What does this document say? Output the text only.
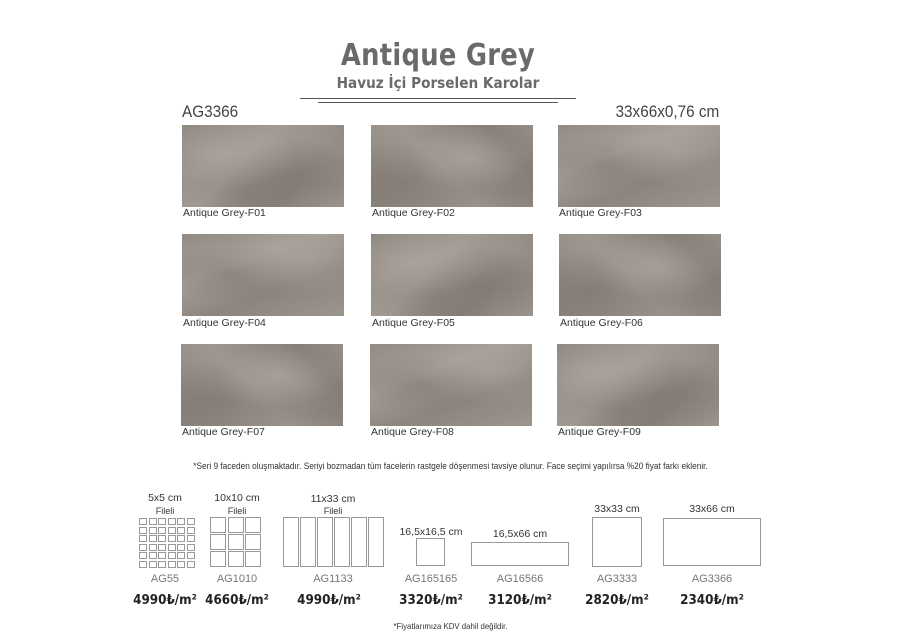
Antique Grey
Havuz İçi Porselen Karolar
AG3366	33x66x0,76 cm
Antique Grey-F01	Antique Grey-F02	Antique Grey-F03
Antique Grey-F04	Antique Grey-F05	Antique Grey-F06
Antique Grey-F07	Antique Grey-F08	Antique Grey-F09
*Seri 9 faceden oluşmaktadır. Seriyi bozmadan tüm facelerin rastgele döşenmesi tavsiye olunur. Face seçimi yapılırsa %20 fiyat farkı eklenir.
5x5 cm
Fileli
AG55
4990₺/m²
10x10 cm
Fileli
AG1010
4660₺/m²
11x33 cm
Fileli
AG1133
4990₺/m²
16,5x16,5 cm
AG165165
3320₺/m²
16,5x66 cm
AG16566
3120₺/m²
33x33 cm
AG3333
2820₺/m²
33x66 cm
AG3366
2340₺/m²
*Fiyatlarımıza KDV dahil değildir.
